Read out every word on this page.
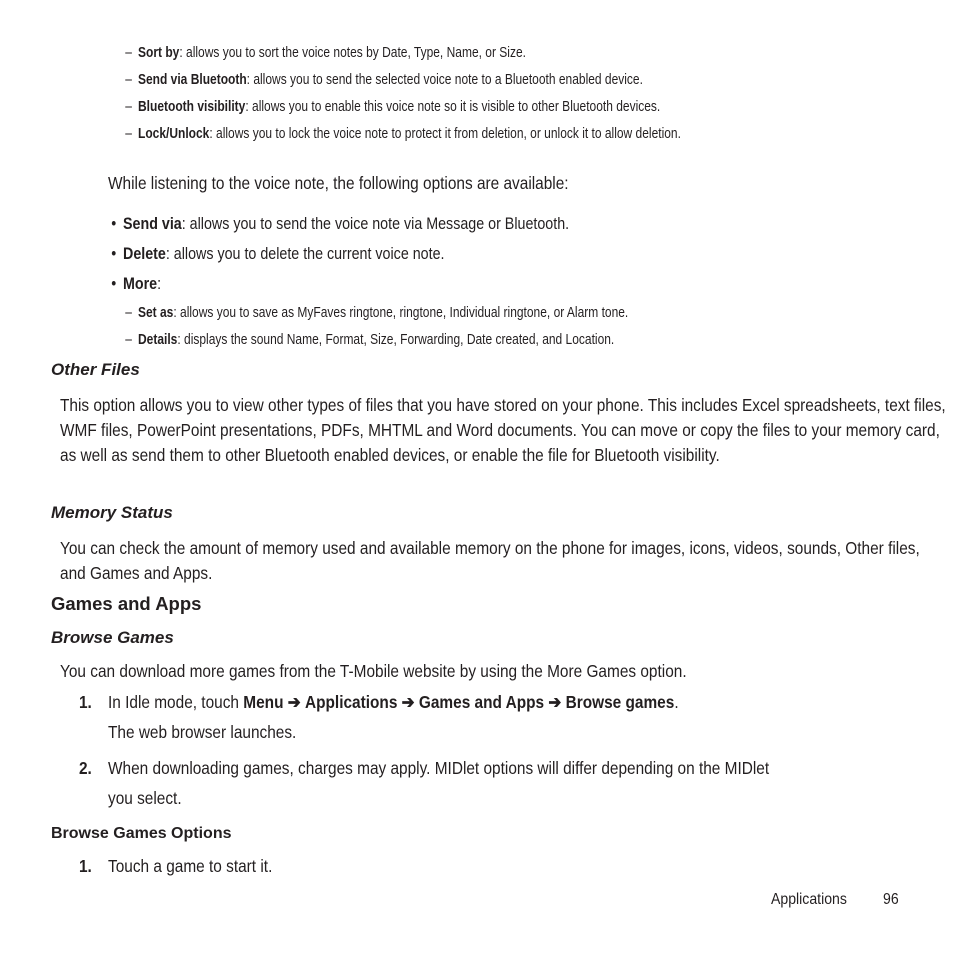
– Sort by: allows you to sort the voice notes by Date, Type, Name, or Size.
– Send via Bluetooth: allows you to send the selected voice note to a Bluetooth enabled device.
– Bluetooth visibility: allows you to enable this voice note so it is visible to other Bluetooth devices.
– Lock/Unlock: allows you to lock the voice note to protect it from deletion, or unlock it to allow deletion.
While listening to the voice note, the following options are available:
• Send via: allows you to send the voice note via Message or Bluetooth.
• Delete: allows you to delete the current voice note.
• More:
– Set as: allows you to save as MyFaves ringtone, ringtone, Individual ringtone, or Alarm tone.
– Details: displays the sound Name, Format, Size, Forwarding, Date created, and Location.
Other Files
This option allows you to view other types of files that you have stored on your phone. This includes Excel spreadsheets, text files, WMF files, PowerPoint presentations, PDFs, MHTML and Word documents. You can move or copy the files to your memory card, as well as send them to other Bluetooth enabled devices, or enable the file for Bluetooth visibility.
Memory Status
You can check the amount of memory used and available memory on the phone for images, icons, videos, sounds, Other files, and Games and Apps.
Games and Apps
Browse Games
You can download more games from the T-Mobile website by using the More Games option.
1. In Idle mode, touch Menu ➔ Applications ➔ Games and Apps ➔ Browse games.
The web browser launches.
2. When downloading games, charges may apply. MIDlet options will differ depending on the MIDlet
you select.
Browse Games Options
1. Touch a game to start it.
Applications 96
